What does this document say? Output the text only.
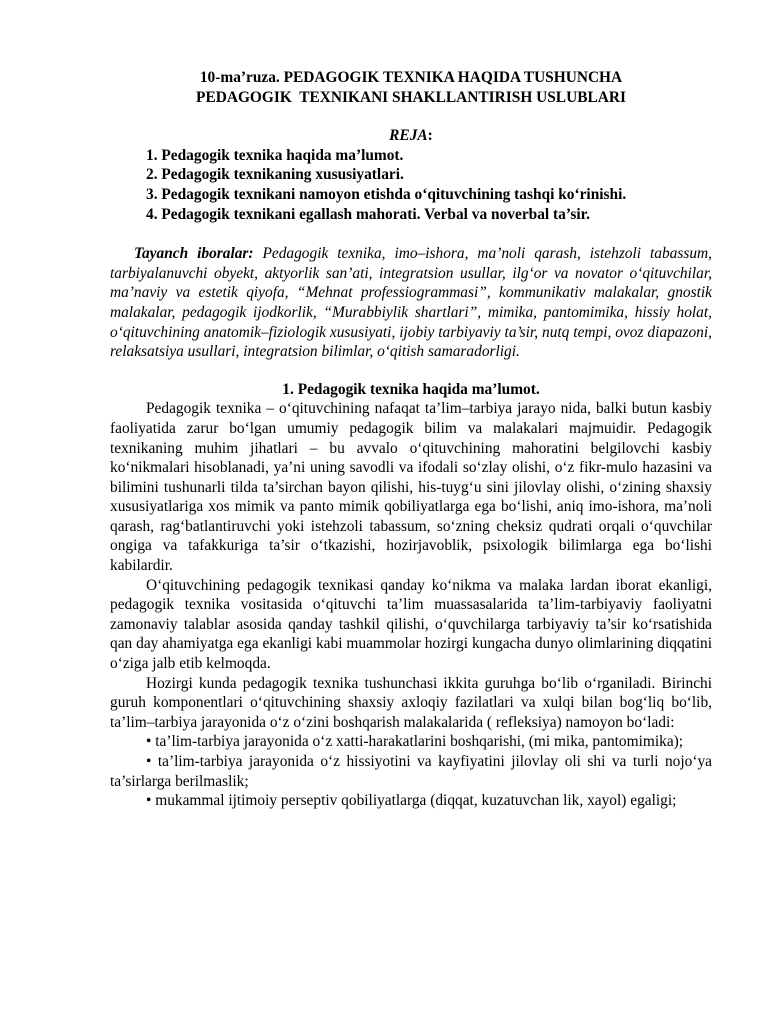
10-ma’ruza. PEDAGOGIK TEXNIKA HAQIDA TUSHUNCHA
PEDAGOGIK  TEXNIKANI SHAKLLANTIRISH USLUBLARI
REJA:
1. Pedagogik texnika haqida ma’lumot.
2. Pedagogik texnikaning xususiyatlari.
3. Pedagogik texnikani namoyon etishda o‘qituvchining tashqi ko‘rinishi.
4. Pedagogik texnikani egallash mahorati. Verbal va noverbal ta’sir.
Tayanch iboralar: Pedagogik texnika, imo–ishora, ma’noli qarash, istehzoli tabassum, tarbiyalanuvchi obyekt, aktyorlik san’ati, integratsion usullar, ilg‘or va novator o‘qituvchilar, ma’naviy va estetik qiyofa, “Mehnat professiogrammasi”, kommunikativ malakalar, gnostik malakalar, pedagogik ijodkorlik, “Murabbiylik shartlari”, mimika, pantomimika, hissiy holat, o‘qituvchining anatomik–fiziologik xususiyati, ijobiy tarbiyaviy ta’sir, nutq tempi, ovoz diapazoni, relaksatsiya usullari, integratsion bilimlar, o‘qitish samaradorligi.
1. Pedagogik texnika haqida ma’lumot.

Pedagogik texnika – o‘qituvchining nafaqat ta’lim–tarbiya jarayo nida, balki butun kasbiy faoliyatida zarur bo‘lgan umumiy pedagogik bilim va malakalari majmuidir. Pedagogik texnikaning muhim jihatlari – bu avvalo o‘qituvchining mahoratini belgilovchi kasbiy ko‘nikmalari hisoblanadi, ya’ni uning savodli va ifodali so‘zlay olishi, o‘z fikr-mulo hazasini va bilimini tushunarli tilda ta’sirchan bayon qilishi, his-tuyg‘u sini jilovlay olishi, o‘zining shaxsiy xususiyatlariga xos mimik va panto mimik qobiliyatlarga ega bo‘lishi, aniq imo-ishora, ma’noli qarash, rag‘batlantiruvchi yoki istehzoli tabassum, so‘zning cheksiz qudrati orqali o‘quvchilar ongiga va tafakkuriga ta’sir o‘tkazishi, hozirjavoblik, psixologik bilimlarga ega bo‘lishi kabilardir.

O‘qituvchining pedagogik texnikasi qanday ko‘nikma va malaka lardan iborat ekanligi, pedagogik texnika vositasida o‘qituvchi ta’lim muassasalarida ta’lim-tarbiyaviy faoliyatni zamonaviy talablar asosida qanday tashkil qilishi, o‘quvchilarga tarbiyaviy ta’sir ko‘rsatishida qan day ahamiyatga ega ekanligi kabi muammolar hozirgi kungacha dunyo olimlarining diqqatini o‘ziga jalb etib kelmoqda.

Hozirgi kunda pedagogik texnika tushunchasi ikkita guruhga bo‘lib o‘rganiladi. Birinchi guruh komponentlari o‘qituvchining shaxsiy axloqiy fazilatlari va xulqi bilan bog‘liq bo‘lib, ta’lim–tarbiya jarayonida o‘z o‘zini boshqarish malakalarida ( refleksiya) namoyon bo‘ladi:

• ta’lim-tarbiya jarayonida o‘z xatti-harakatlarini boshqarishi, (mi mika, pantomimika);

• ta’lim-tarbiya jarayonida o‘z hissiyotini va kayfiyatini jilovlay oli shi va turli nojo‘ya ta’sirlarga berilmaslik;

• mukammal ijtimoiy perseptiv qobiliyatlarga (diqqat, kuzatuvchan lik, xayol) egaligi;
